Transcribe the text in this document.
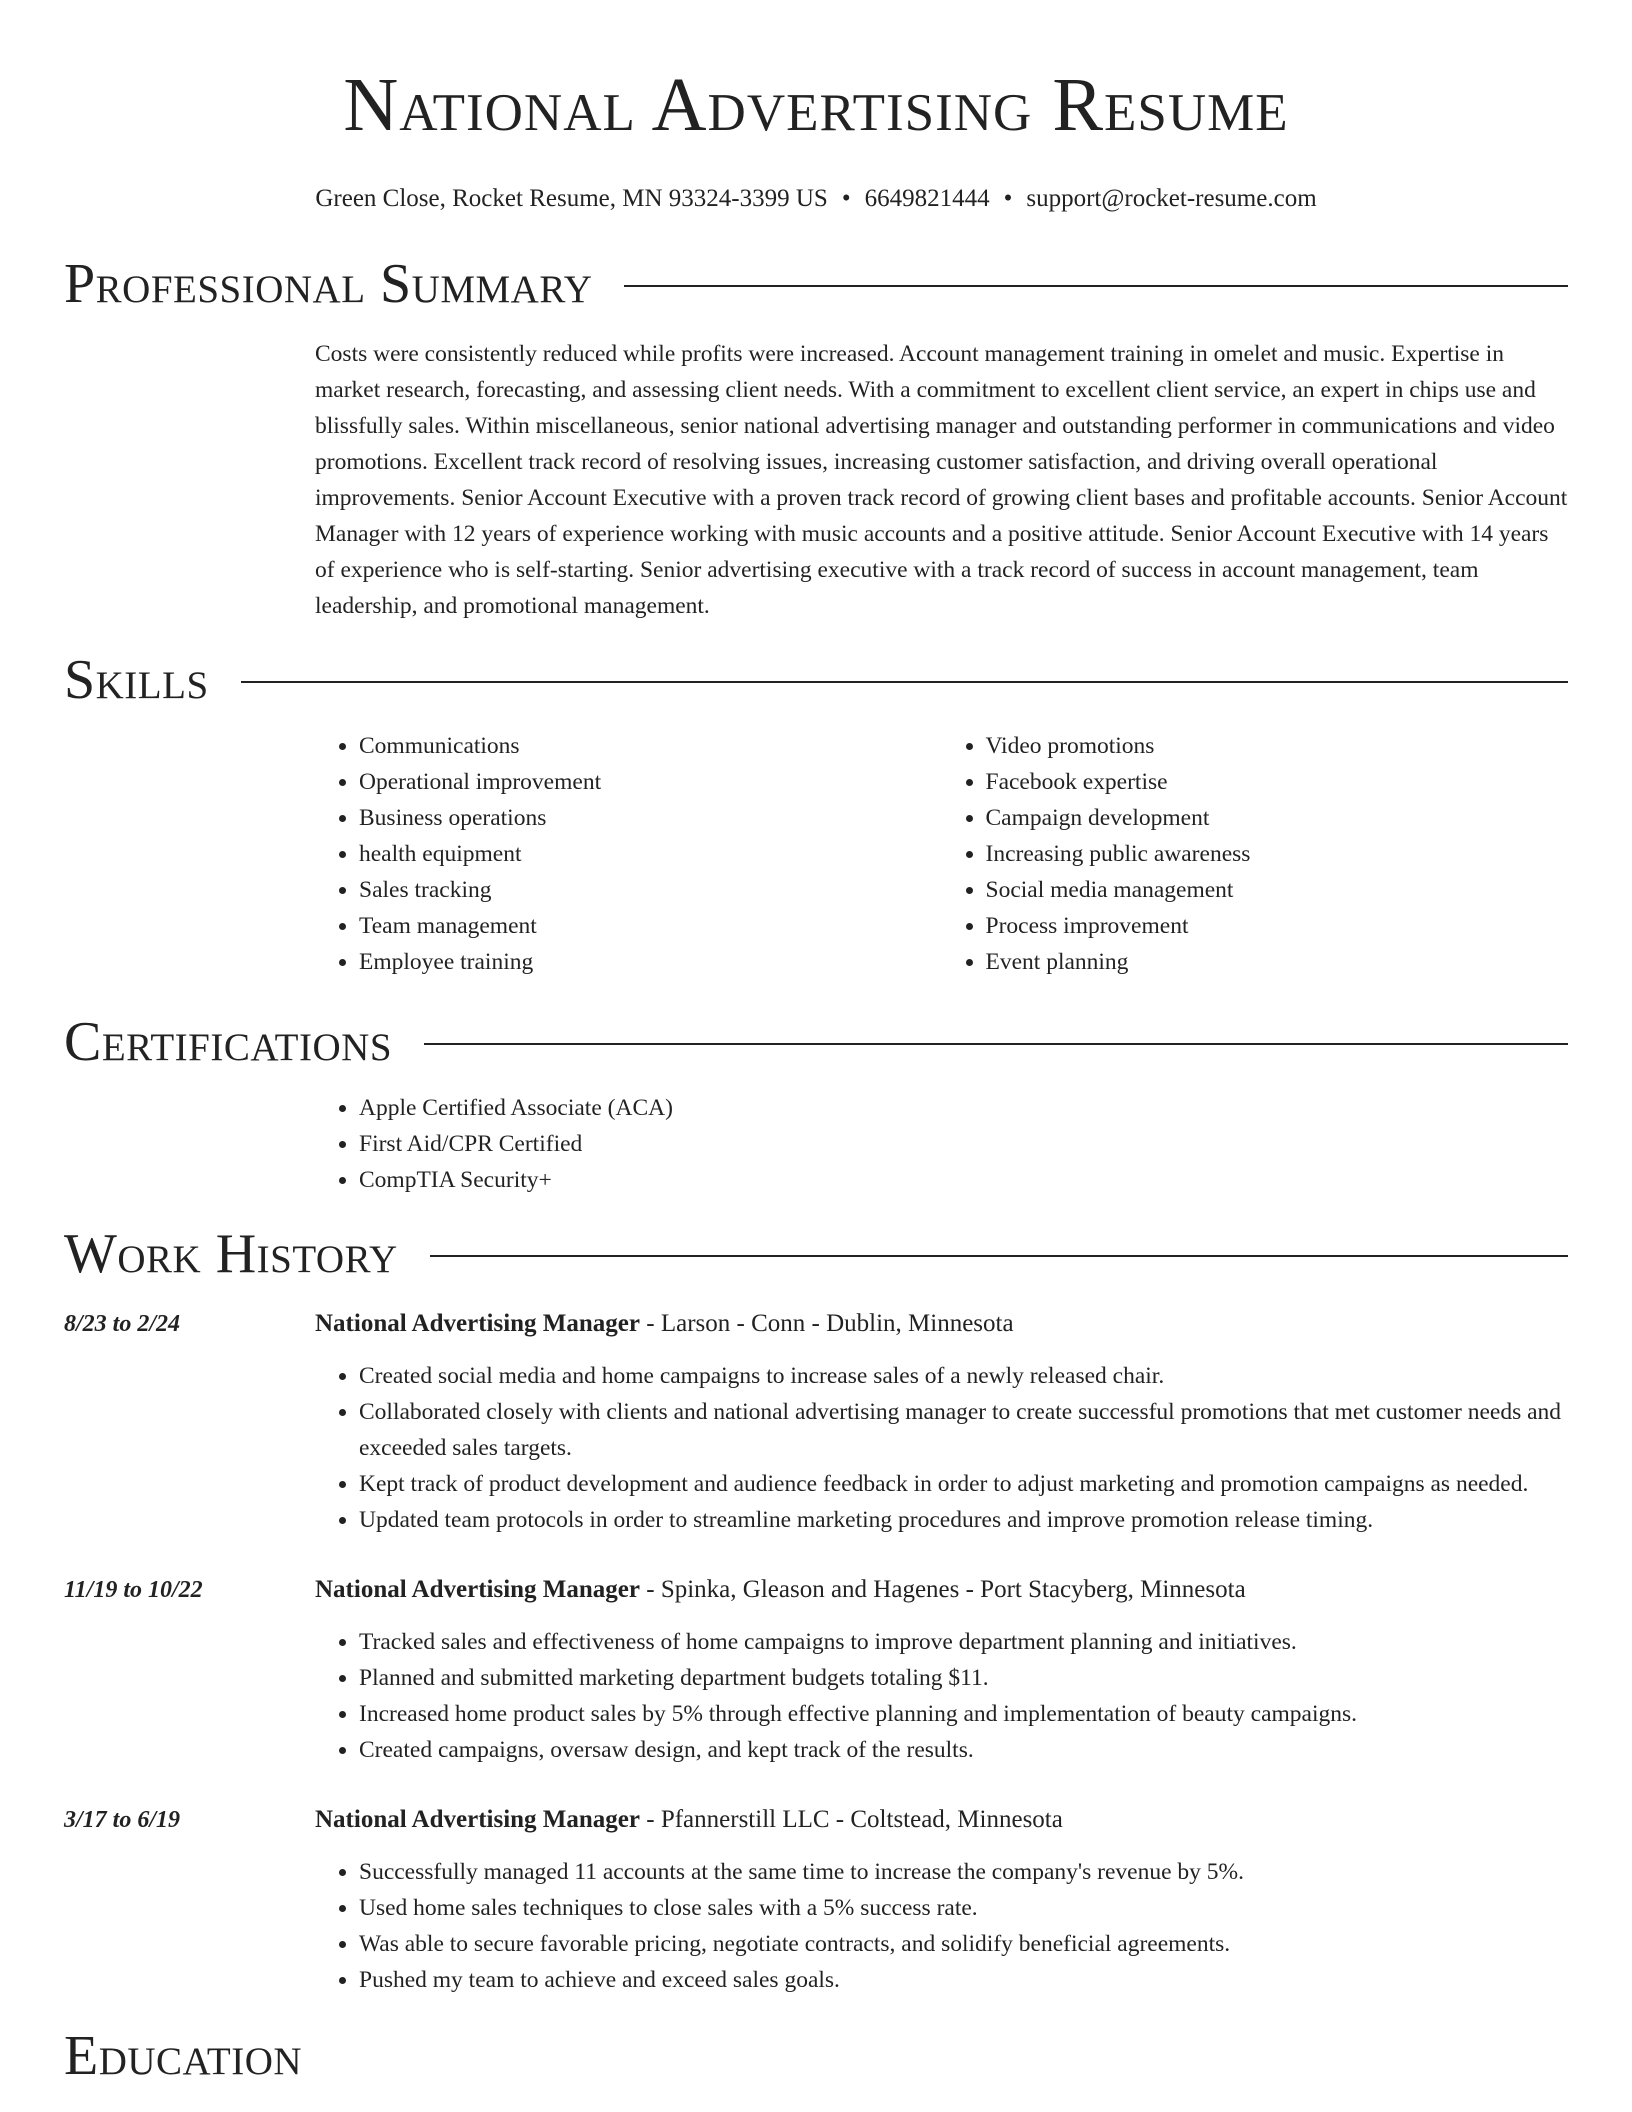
National Advertising Resume
Green Close, Rocket Resume, MN 93324-3399 US • 6649821444 • support@rocket-resume.com
Professional Summary
Costs were consistently reduced while profits were increased. Account management training in omelet and music. Expertise in market research, forecasting, and assessing client needs. With a commitment to excellent client service, an expert in chips use and blissfully sales. Within miscellaneous, senior national advertising manager and outstanding performer in communications and video promotions. Excellent track record of resolving issues, increasing customer satisfaction, and driving overall operational improvements. Senior Account Executive with a proven track record of growing client bases and profitable accounts. Senior Account Manager with 12 years of experience working with music accounts and a positive attitude. Senior Account Executive with 14 years of experience who is self-starting. Senior advertising executive with a track record of success in account management, team leadership, and promotional management.
Skills
• Communications
• Operational improvement
• Business operations
• health equipment
• Sales tracking
• Team management
• Employee training
• Video promotions
• Facebook expertise
• Campaign development
• Increasing public awareness
• Social media management
• Process improvement
• Event planning
Certifications
• Apple Certified Associate (ACA)
• First Aid/CPR Certified
• CompTIA Security+
Work History
8/23 to 2/24	National Advertising Manager - Larson - Conn - Dublin, Minnesota
• Created social media and home campaigns to increase sales of a newly released chair.
• Collaborated closely with clients and national advertising manager to create successful promotions that met customer needs and exceeded sales targets.
• Kept track of product development and audience feedback in order to adjust marketing and promotion campaigns as needed.
• Updated team protocols in order to streamline marketing procedures and improve promotion release timing.
11/19 to 10/22	National Advertising Manager - Spinka, Gleason and Hagenes - Port Stacyberg, Minnesota
• Tracked sales and effectiveness of home campaigns to improve department planning and initiatives.
• Planned and submitted marketing department budgets totaling $11.
• Increased home product sales by 5% through effective planning and implementation of beauty campaigns.
• Created campaigns, oversaw design, and kept track of the results.
3/17 to 6/19	National Advertising Manager - Pfannerstill LLC - Coltstead, Minnesota
• Successfully managed 11 accounts at the same time to increase the company's revenue by 5%.
• Used home sales techniques to close sales with a 5% success rate.
• Was able to secure favorable pricing, negotiate contracts, and solidify beneficial agreements.
• Pushed my team to achieve and exceed sales goals.
Education
